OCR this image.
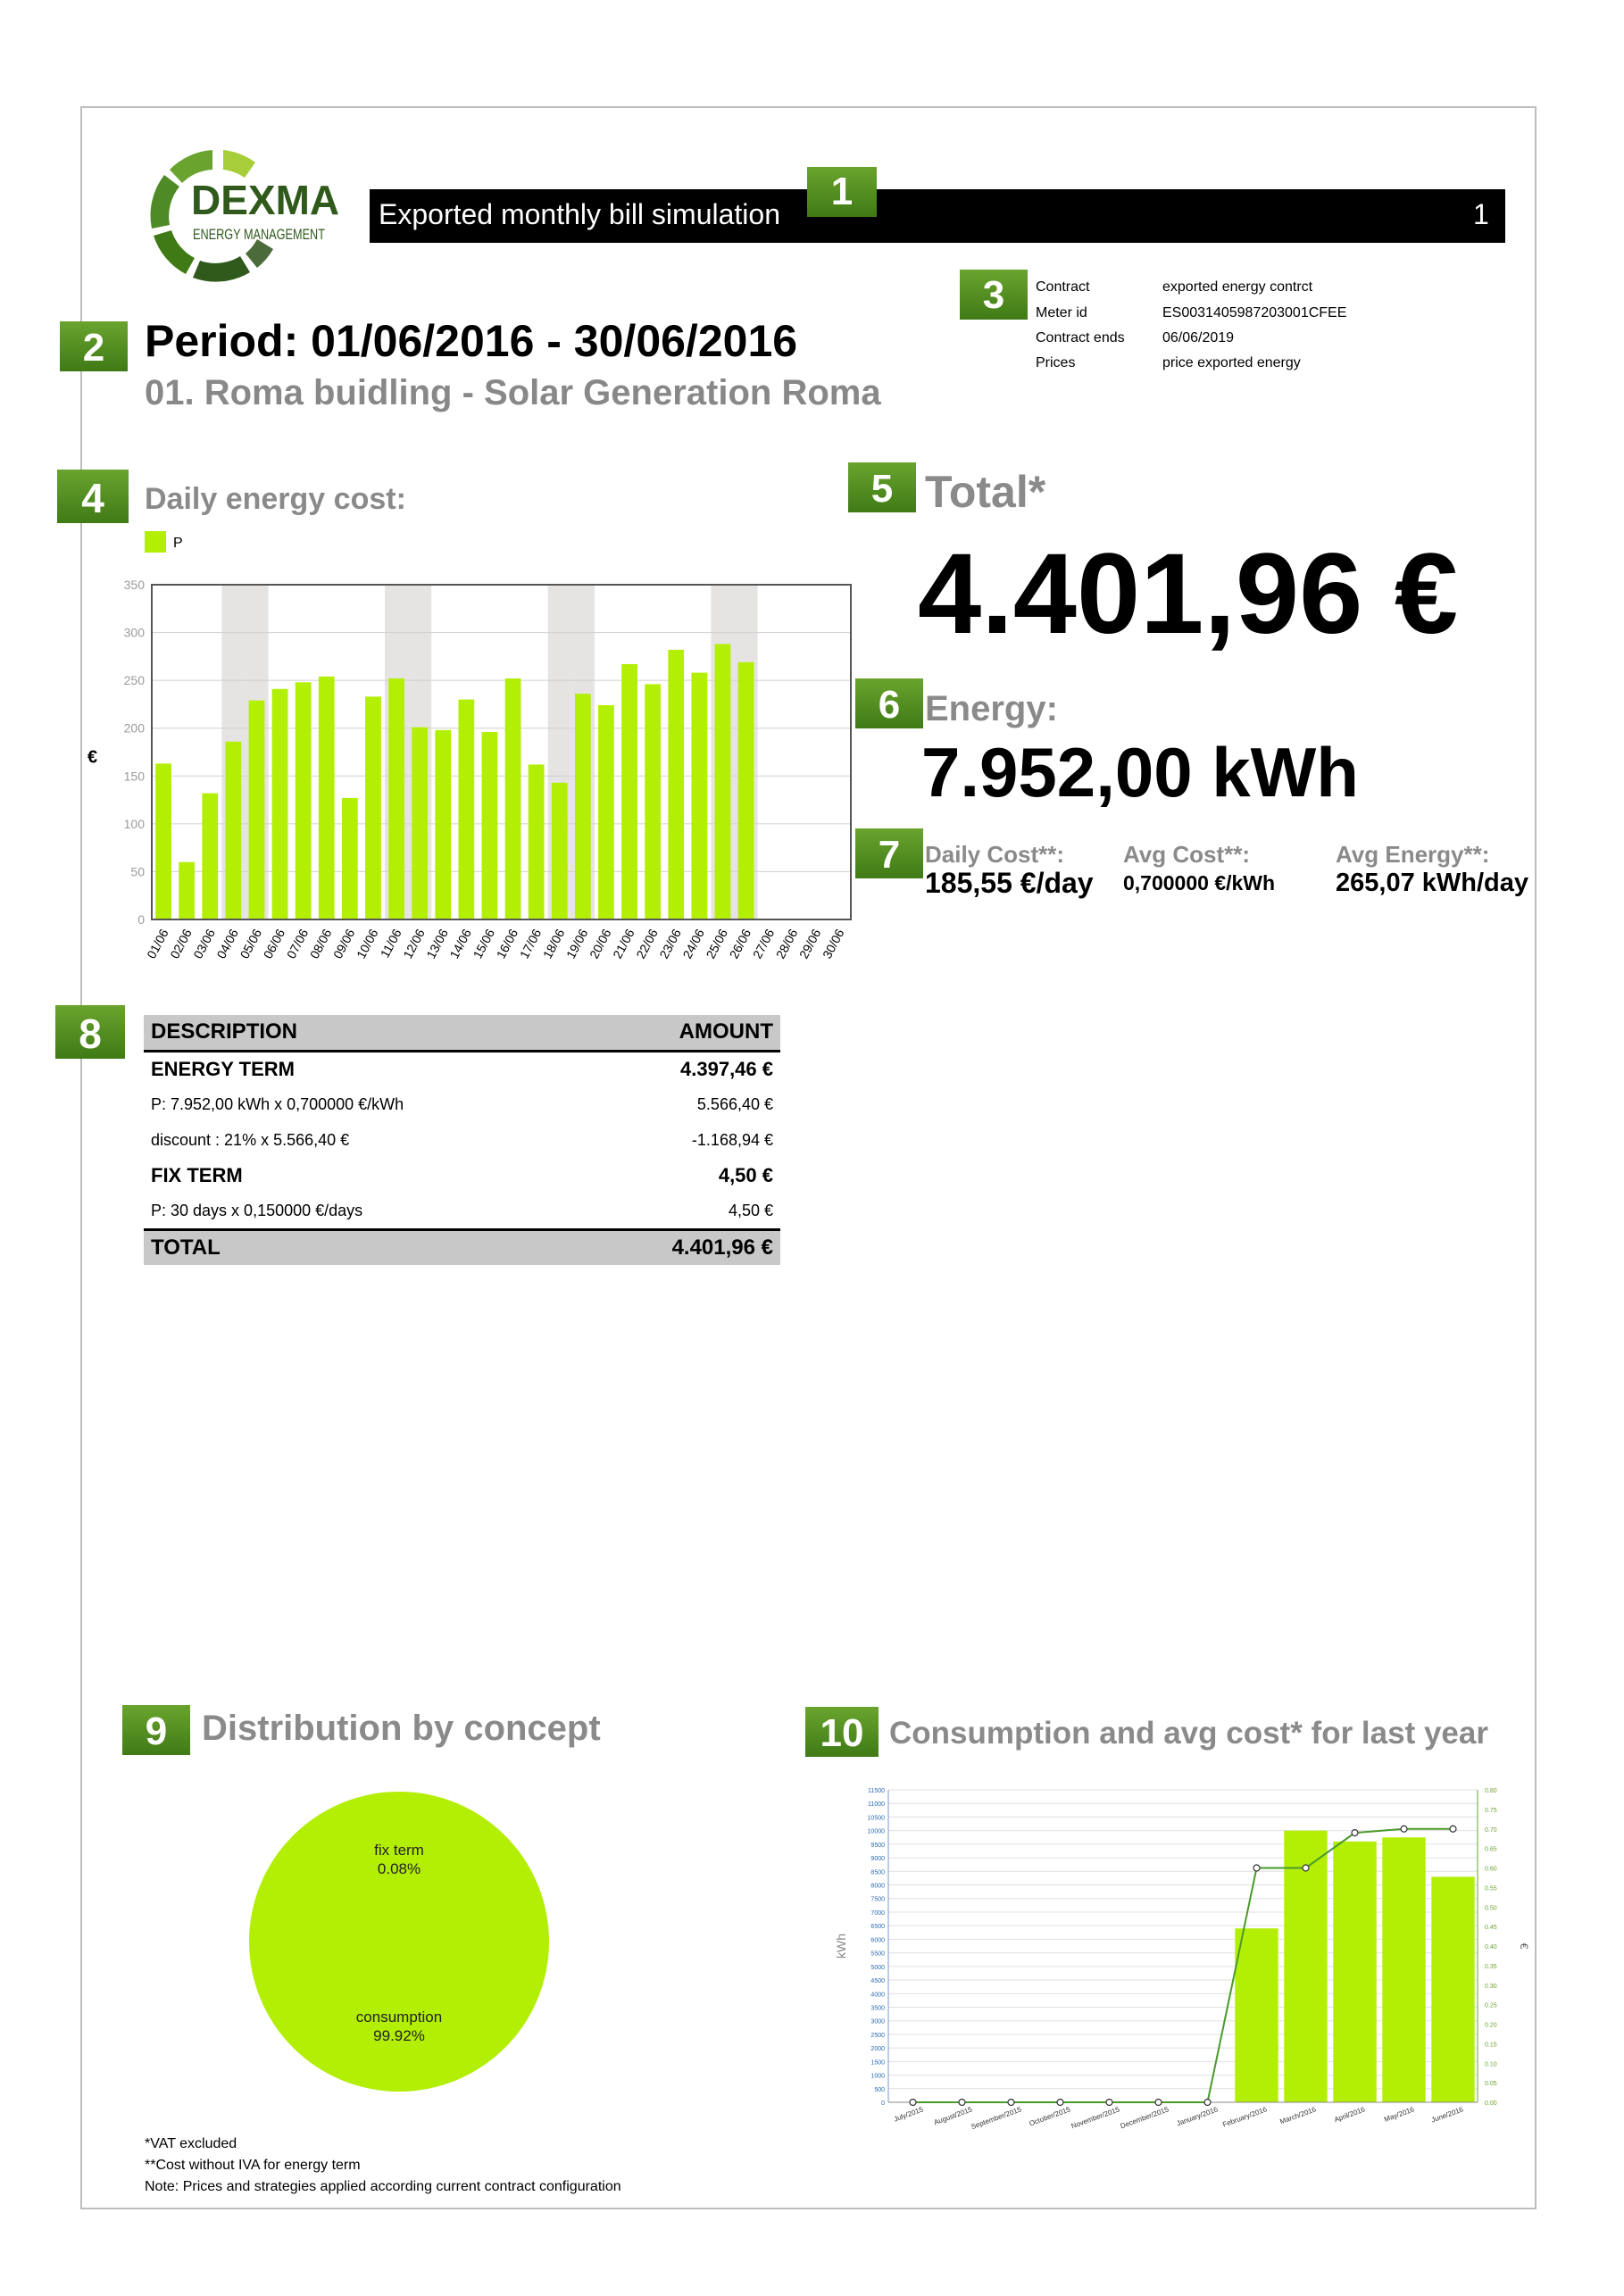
DEXMA
ENERGY MANAGEMENT
Exported monthly bill simulation	1
1
3	Contract	exported energy contrct
Meter id	ES0031405987203001CFEE
Contract ends	06/06/2019
Prices	price exported energy
2 Period: 01/06/2016 - 30/06/2016
01. Roma buidling - Solar Generation Roma
4	Daily energy cost:
P
0
50
100
150
200
250
300
350
€
01/06
02/06
03/06
04/06
05/06
06/06
07/06
08/06
09/06
10/06
11/06
12/06
13/06
14/06
15/06
16/06
17/06
18/06
19/06
20/06
21/06
22/06
23/06
24/06
25/06
26/06
27/06
28/06
29/06
30/06
5 Total*
4.401,96 €
6 Energy:
7.952,00 kWh
7	Daily Cost**:
185,55 €/day
Avg Cost**:
0,700000 €/kWh
Avg Energy**:
265,07 kWh/day
8	DESCRIPTION	AMOUNT
ENERGY TERM	4.397,46 €
P: 7.952,00 kWh x 0,700000 €/kWh	5.566,40 €
discount : 21% x 5.566,40 €	-1.168,94 €
FIX TERM	4,50 €
P: 30 days x 0,150000 €/days	4,50 €
TOTAL	4.401,96 €
9 Distribution by concept
fix term
0.08%
consumption
99.92%
10 Consumption and avg cost* for last year
0
500
1000
1500
2000
2500
3000
3500
4000
4500
5000
5500
6000
6500
7000
7500
8000
8500
9000
9500
10000
10500
11000
11500
0.00
0.05
0.10
0.15
0.20
0.25
0.30
0.35
0.40
0.45
0.50
0.55
0.60
0.65
0.70
0.75
0.80
kWh	€
July/2015 August/2015
September/2015 October/2015
November/2015
December/2015 January/2016 February/2016 March/2016 April/2016 May/2016 June/2016
*VAT excluded
**Cost without IVA for energy term
Note: Prices and strategies applied according current contract configuration
